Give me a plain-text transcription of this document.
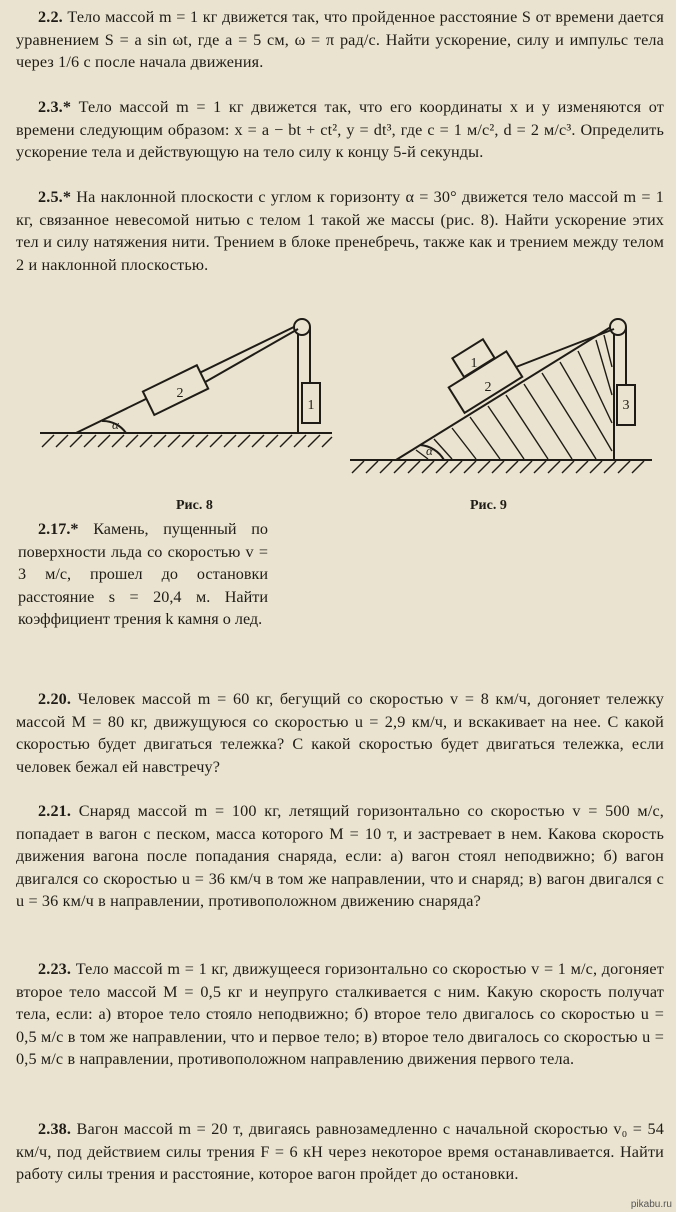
2.2. Тело массой m = 1 кг движется так, что пройденное расстояние S от времени дается уравнением S = a sin ωt, где a = 5 см, ω = π рад/с. Найти ускорение, силу и импульс тела через 1/6 с после начала движения.
2.3.* Тело массой m = 1 кг движется так, что его координаты x и y изменяются от времени следующим образом: x = a − bt + ct², y = dt³, где c = 1 м/с², d = 2 м/с³. Определить ускорение тела и действующую на тело силу к концу 5-й секунды.
2.5.* На наклонной плоскости с углом к горизонту α = 30° движется тело массой m = 1 кг, связанное невесомой нитью с телом 1 такой же массы (рис. 8). Найти ускорение этих тел и силу натяжения нити. Трением в блоке пренебречь, также как и трением между телом 2 и наклонной плоскостью.
2
1
α
Рис. 8
2
1
3
α
Рис. 9
2.17.* Камень, пущенный по поверхности льда со скоростью v = 3 м/с, прошел до остановки расстояние s = 20,4 м. Найти коэффициент трения k камня о лед.
2.20. Человек массой m = 60 кг, бегущий со скоростью v = 8 км/ч, догоняет тележку массой M = 80 кг, движущуюся со скоростью u = 2,9 км/ч, и вскакивает на нее. С какой скоростью будет двигаться тележка? С какой скоростью будет двигаться тележка, если человек бежал ей навстречу?
2.21. Снаряд массой m = 100 кг, летящий горизонтально со скоростью v = 500 м/с, попадает в вагон с песком, масса которого M = 10 т, и застревает в нем. Какова скорость движения вагона после попадания снаряда, если: а) вагон стоял неподвижно; б) вагон двигался со скоростью u = 36 км/ч в том же направлении, что и снаряд; в) вагон двигался с u = 36 км/ч в направлении, противоположном движению снаряда?
2.23. Тело массой m = 1 кг, движущееся горизонтально со скоростью v = 1 м/с, догоняет второе тело массой M = 0,5 кг и неупруго сталкивается с ним. Какую скорость получат тела, если: а) второе тело стояло неподвижно; б) второе тело двигалось со скоростью u = 0,5 м/с в том же направлении, что и первое тело; в) второе тело двигалось со скоростью u = 0,5 м/с в направлении, противоположном направлению движения первого тела.
2.38. Вагон массой m = 20 т, двигаясь равнозамедленно с начальной скоростью v₀ = 54 км/ч, под действием силы трения F = 6 кН через некоторое время останавливается. Найти работу силы трения и расстояние, которое вагон пройдет до остановки.
pikabu.ru
